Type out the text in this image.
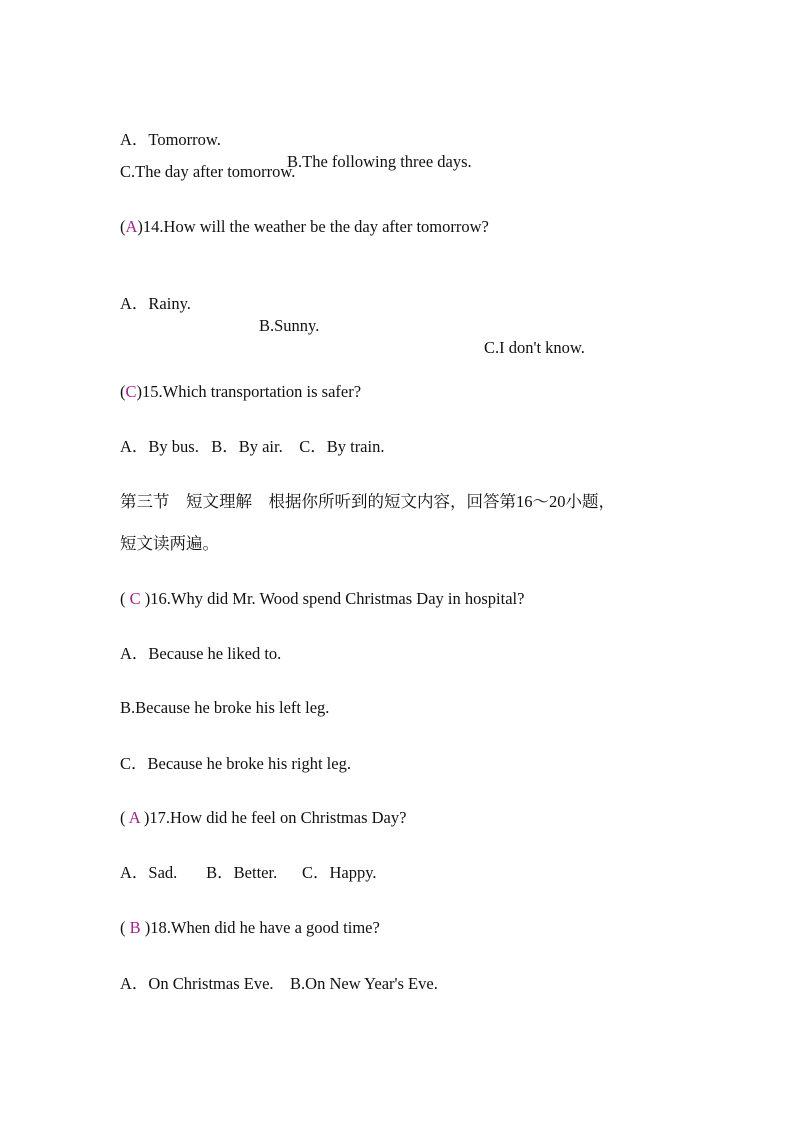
A．Tomorrow.

B.The following three days.

C.The day after tomorrow.
(A)14.How will the weather be the day after tomorrow?

A．Rainy.

B.Sunny.

C.I don't know.

(C)15.Which transportation is safer?
A．By bus.   B．By air.    C．By train.
第三节　短文理解　根据你所听到的短文内容，回答第16～20小题，
短文读两遍。
( C )16.Why did Mr. Wood spend Christmas Day in hospital?
A．Because he liked to.
B.Because he broke his left leg.
C．Because he broke his right leg.
( A )17.How did he feel on Christmas Day?
A．Sad.       B．Better.      C．Happy.
( B )18.When did he have a good time?
A．On Christmas Eve.    B.On New Year's Eve.
